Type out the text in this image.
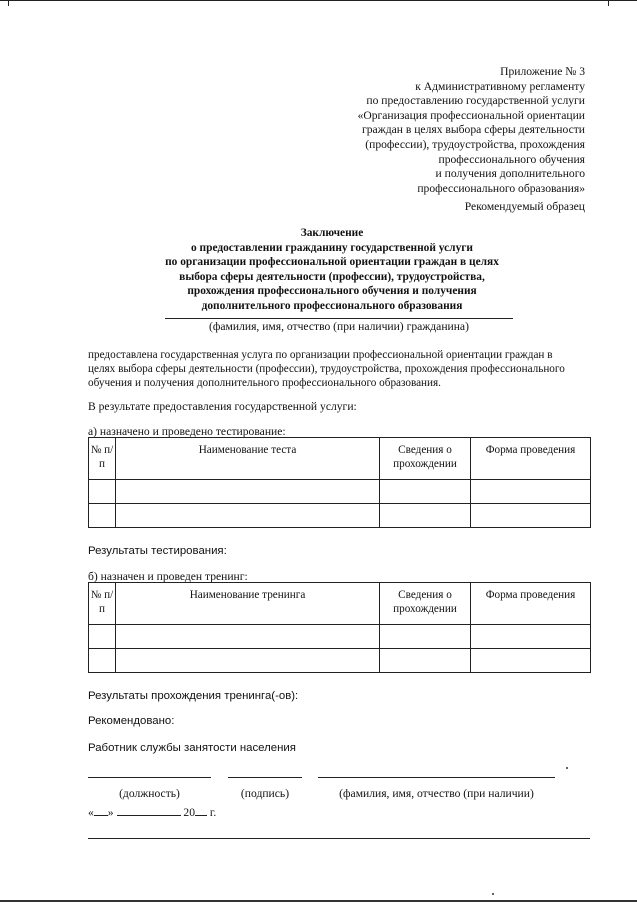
Приложение № 3
к Административному регламенту
по предоставлению государственной услуги
«Организация профессиональной ориентации
граждан в целях выбора сферы деятельности
(профессии), трудоустройства, прохождения
профессионального обучения
и получения дополнительного
профессионального образования»
Рекомендуемый образец
Заключение
о предоставлении гражданину государственной услуги
по организации профессиональной ориентации граждан в целях
выбора сферы деятельности (профессии), трудоустройства,
прохождения профессионального обучения и получения
дополнительного профессионального образования
(фамилия, имя, отчество (при наличии) гражданина)
предоставлена государственная услуга по организации профессиональной ориентации граждан в
целях выбора сферы деятельности (профессии), трудоустройства, прохождения профессионального
обучения и получения дополнительного профессионального образования.
В результате предоставления государственной услуги:
а) назначено и проведено тестирование:
№ п/п	Наименование теста	Сведения о прохождении	Форма проведения

Результаты тестирования:
б) назначен и проведен тренинг:
№ п/п	Наименование тренинга	Сведения о прохождении	Форма проведения

Результаты прохождения тренинга(-ов):
Рекомендовано:
Работник службы занятости населения
(должность)	(подпись)	(фамилия, имя, отчество (при наличии)
« »	20 г.
